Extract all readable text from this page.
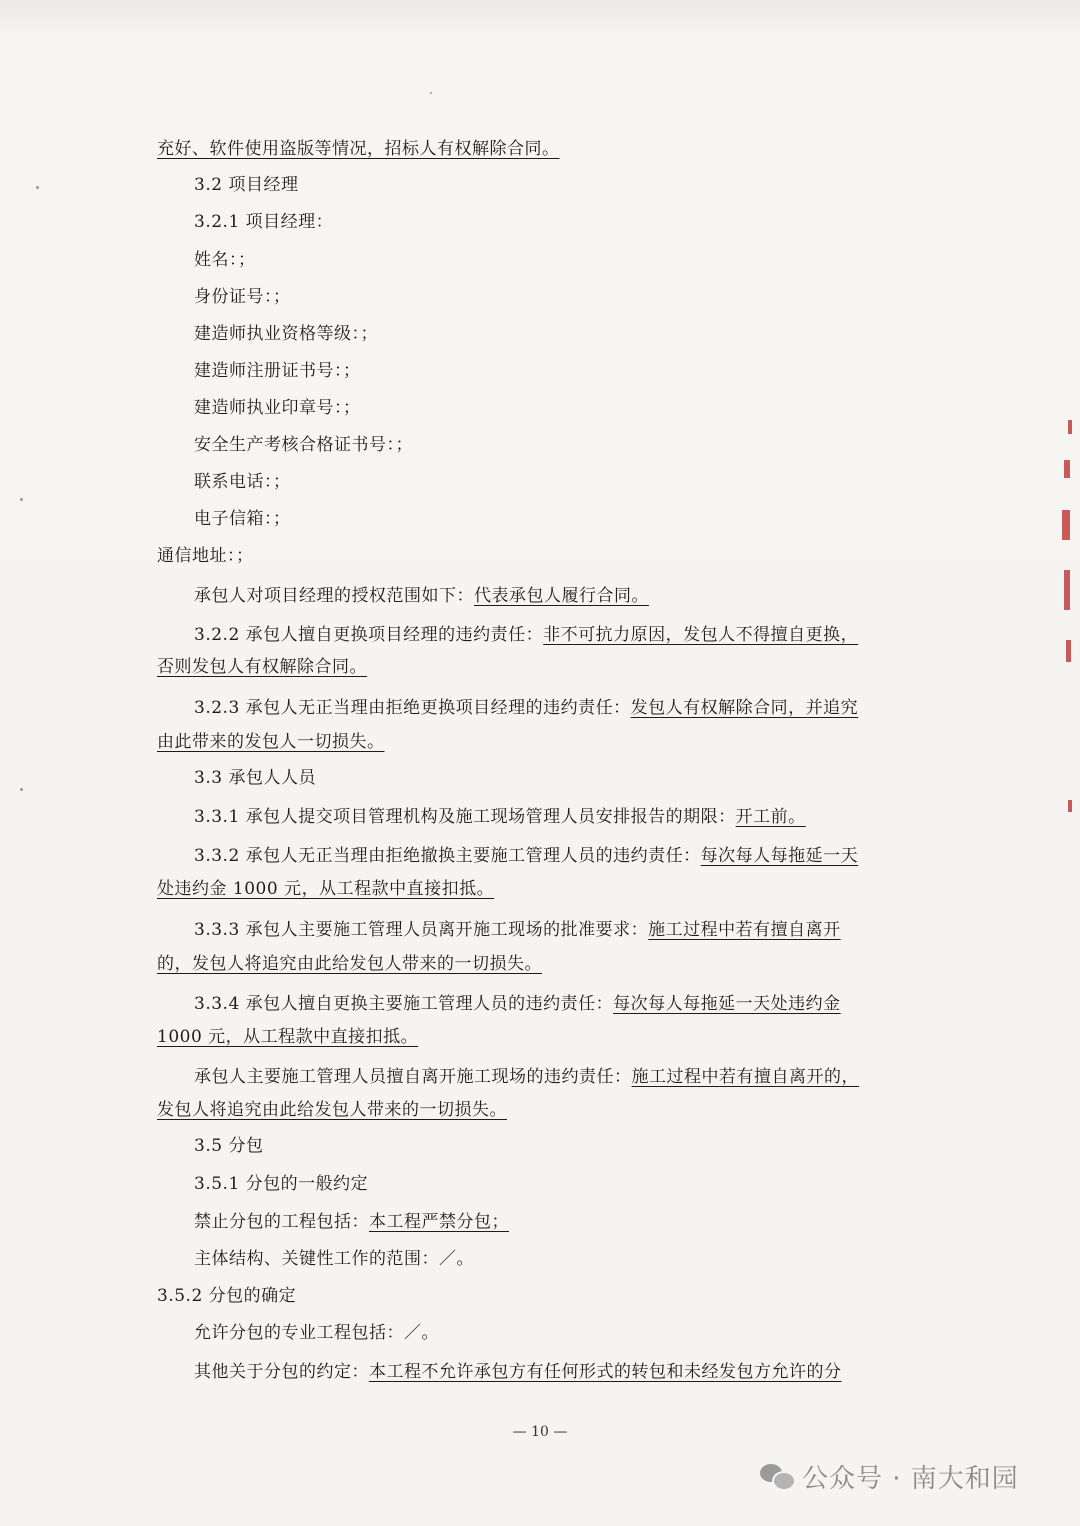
充好、软件使用盗版等情况，招标人有权解除合同。
3.2 项目经理
3.2.1 项目经理：
姓名：；
身份证号：；
建造师执业资格等级：；
建造师注册证书号：；
建造师执业印章号：；
安全生产考核合格证书号：；
联系电话：；
电子信箱：；
通信地址：；
承包人对项目经理的授权范围如下：代表承包人履行合同。
3.2.2 承包人擅自更换项目经理的违约责任：非不可抗力原因，发包人不得擅自更换，
否则发包人有权解除合同。
3.2.3 承包人无正当理由拒绝更换项目经理的违约责任：发包人有权解除合同，并追究
由此带来的发包人一切损失。
3.3 承包人人员
3.3.1 承包人提交项目管理机构及施工现场管理人员安排报告的期限：开工前。
3.3.2 承包人无正当理由拒绝撤换主要施工管理人员的违约责任：每次每人每拖延一天
处违约金 1000 元，从工程款中直接扣抵。
3.3.3 承包人主要施工管理人员离开施工现场的批准要求：施工过程中若有擅自离开
的，发包人将追究由此给发包人带来的一切损失。
3.3.4 承包人擅自更换主要施工管理人员的违约责任：每次每人每拖延一天处违约金
1000 元，从工程款中直接扣抵。
承包人主要施工管理人员擅自离开施工现场的违约责任：施工过程中若有擅自离开的，
发包人将追究由此给发包人带来的一切损失。
3.5 分包
3.5.1 分包的一般约定
禁止分包的工程包括：本工程严禁分包；
主体结构、关键性工作的范围：／。
3.5.2 分包的确定
允许分包的专业工程包括：／。
其他关于分包的约定：本工程不允许承包方有任何形式的转包和未经发包方允许的分
— 10 —
公众号 · 南大和园
